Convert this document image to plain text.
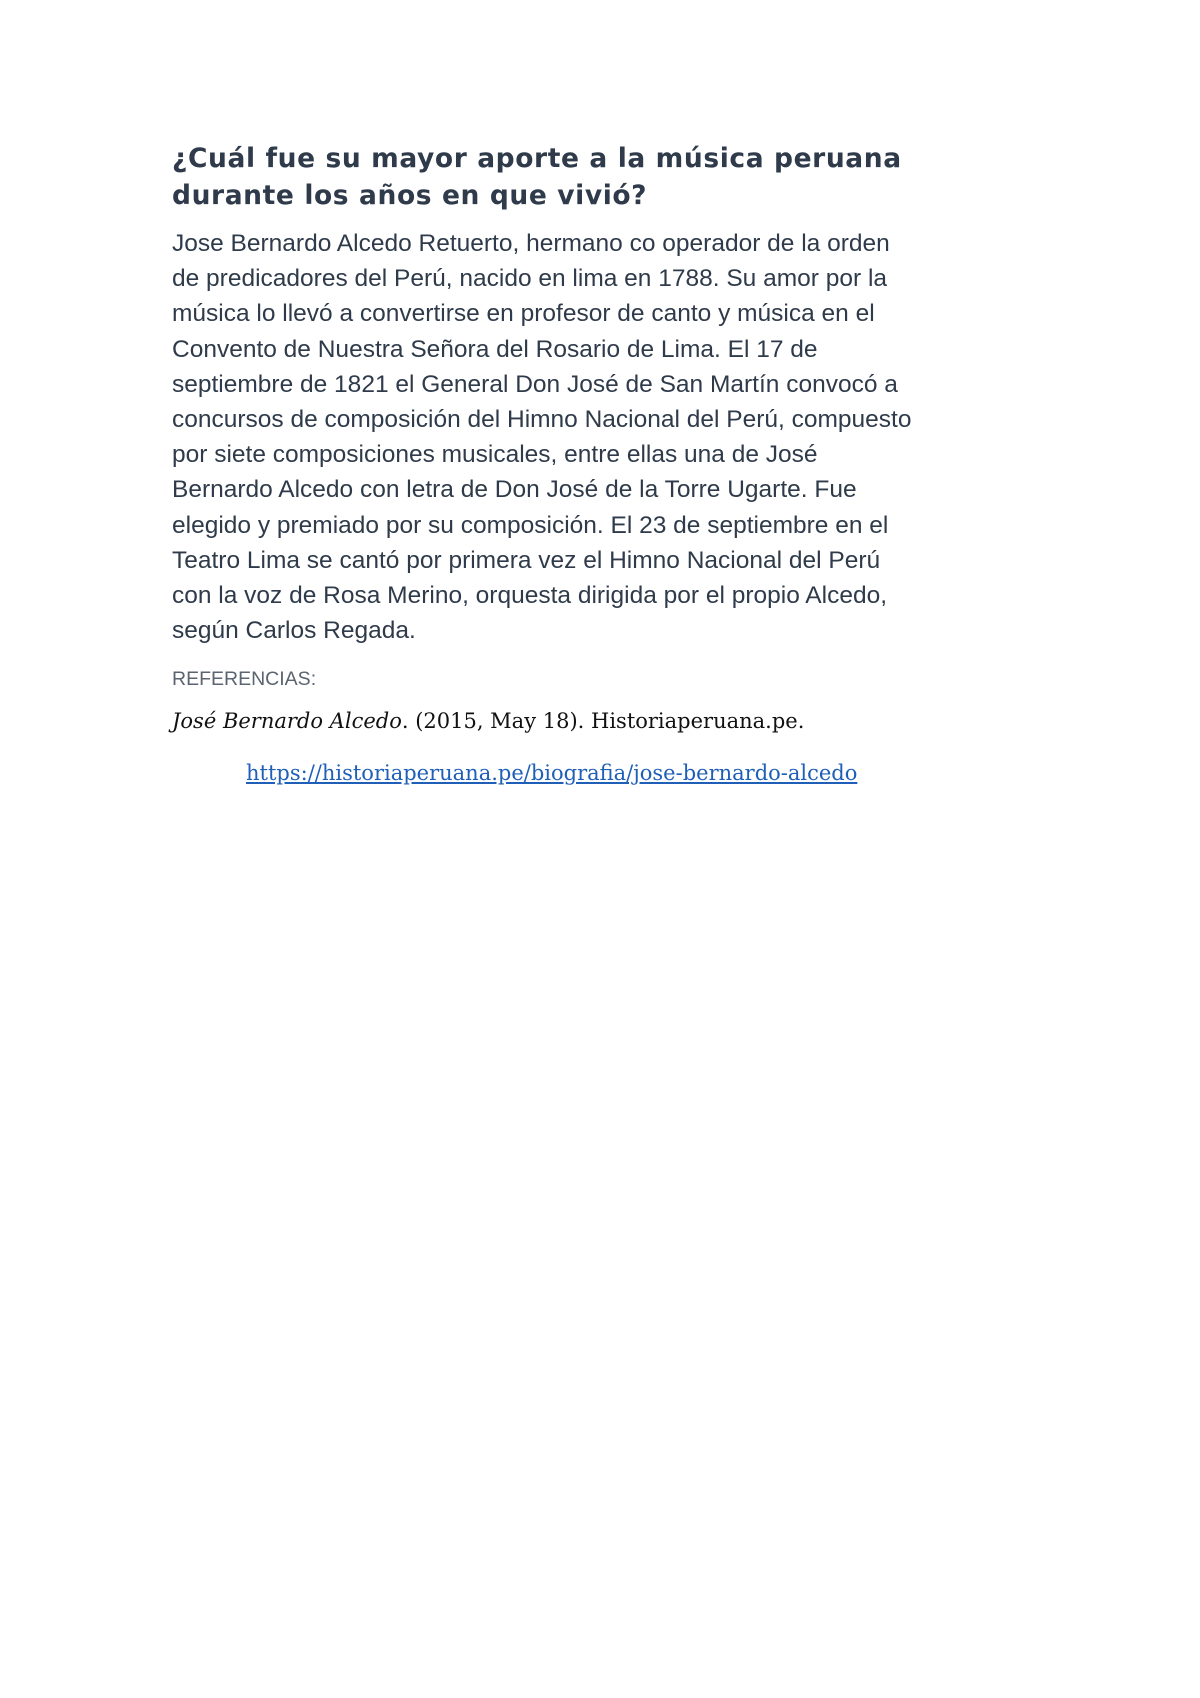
¿Cuál fue su mayor aporte a la música peruana
durante los años en que vivió?
Jose Bernardo Alcedo Retuerto, hermano co operador de la orden
de predicadores del Perú, nacido en lima en 1788. Su amor por la
música lo llevó a convertirse en profesor de canto y música en el
Convento de Nuestra Señora del Rosario de Lima. El 17 de
septiembre de 1821 el General Don José de San Martín convocó a
concursos de composición del Himno Nacional del Perú, compuesto
por siete composiciones musicales, entre ellas una de José
Bernardo Alcedo con letra de Don José de la Torre Ugarte. Fue
elegido y premiado por su composición. El 23 de septiembre en el
Teatro Lima se cantó por primera vez el Himno Nacional del Perú
con la voz de Rosa Merino, orquesta dirigida por el propio Alcedo,
según Carlos Regada.
REFERENCIAS:
José Bernardo Alcedo. (2015, May 18). Historiaperuana.pe.
https://historiaperuana.pe/biografia/jose-bernardo-alcedo
